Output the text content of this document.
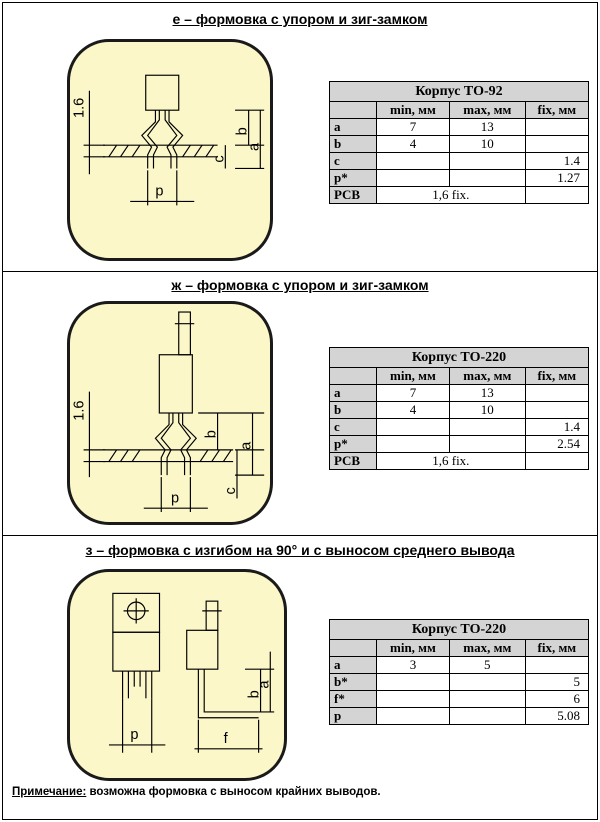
е – формовка с упором и зиг-замком
1.6
p
b
a
c
Корпус ТО-92			
	min, мм	max, мм	fix, мм
a	7	13	
b	4	10	
c			1.4
p*			1.27
PCB	1,6 fix.		
ж – формовка с упором и зиг-замком
1.6
p
b
a
c
Корпус ТО-220			
	min, мм	max, мм	fix, мм
a	7	13	
b	4	10	
c			1.4
p*			2.54
PCB	1,6 fix.		
з – формовка с изгибом на 90° и с выносом среднего вывода
p	f
b
a
Корпус ТО-220			
	min, мм	max, мм	fix, мм
a	3	5	
b*			5
f*			6
p			5.08
Примечание: возможна формовка с выносом крайних выводов.
